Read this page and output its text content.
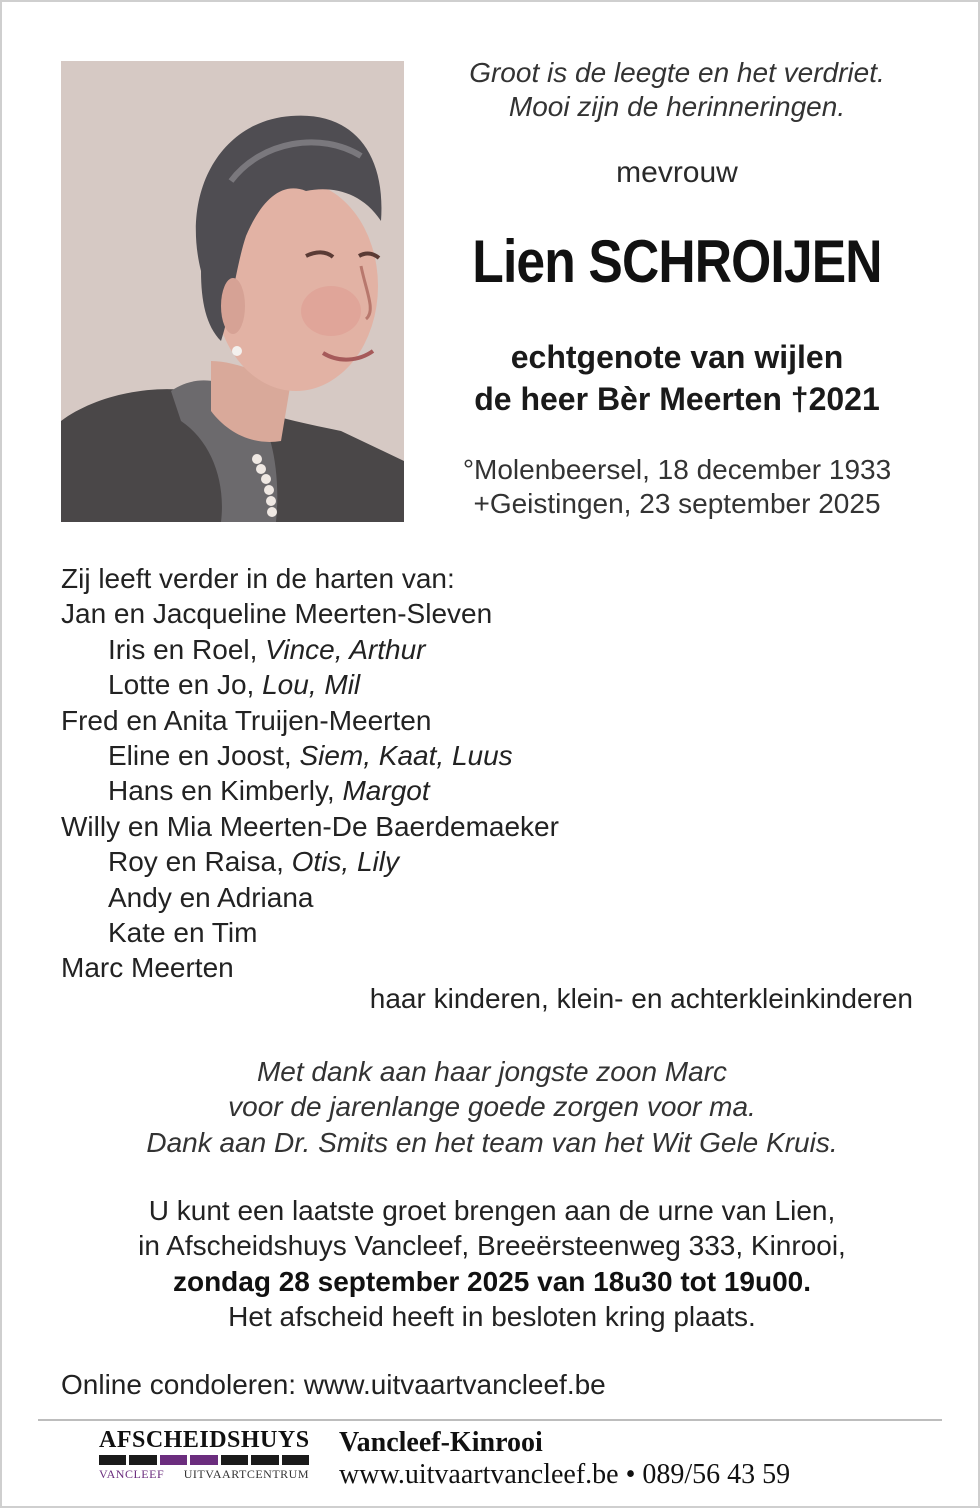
Groot is de leegte en het verdriet.
Mooi zijn de herinneringen.
mevrouw
Lien SCHROIJEN
echtgenote van wijlen
de heer Bèr Meerten †2021
°Molenbeersel, 18 december 1933
+Geistingen, 23 september 2025
Zij leeft verder in de harten van:
Jan en Jacqueline Meerten-Sleven
Iris en Roel, Vince, Arthur
Lotte en Jo, Lou, Mil
Fred en Anita Truijen-Meerten
Eline en Joost, Siem, Kaat, Luus
Hans en Kimberly, Margot
Willy en Mia Meerten-De Baerdemaeker
Roy en Raisa, Otis, Lily
Andy en Adriana
Kate en Tim
Marc Meerten
haar kinderen, klein- en achterkleinkinderen
Met dank aan haar jongste zoon Marc
voor de jarenlange goede zorgen voor ma.
Dank aan Dr. Smits en het team van het Wit Gele Kruis.
U kunt een laatste groet brengen aan de urne van Lien,
in Afscheidshuys Vancleef, Breeërsteenweg 333, Kinrooi,
zondag 28 september 2025 van 18u30 tot 19u00.
Het afscheid heeft in besloten kring plaats.
Online condoleren: www.uitvaartvancleef.be
AFSCHEIDSHUYS
VANCLEEF UITVAARTCENTRUM
Vancleef-Kinrooi
www.uitvaartvancleef.be • 089/56 43 59
